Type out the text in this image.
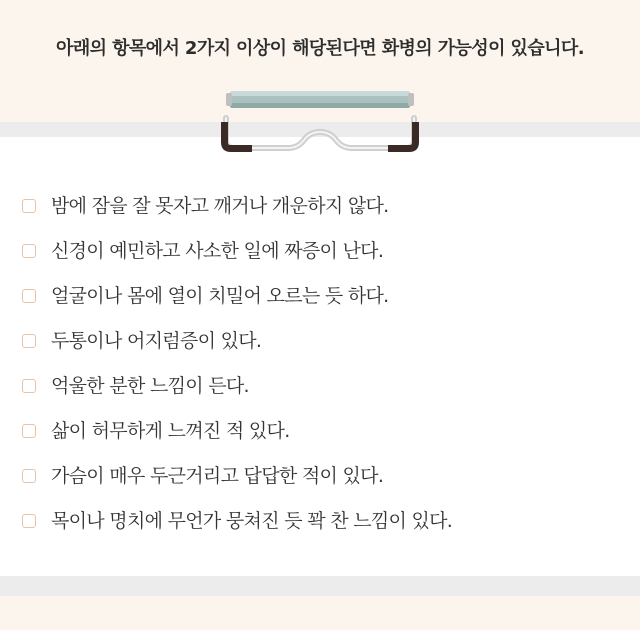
아래의 항목에서 2가지 이상이 해당된다면 화병의 가능성이 있습니다.
밤에 잠을 잘 못자고 깨거나 개운하지 않다.
신경이 예민하고 사소한 일에 짜증이 난다.
얼굴이나 몸에 열이 치밀어 오르는 듯 하다.
두통이나 어지럼증이 있다.
억울한 분한 느낌이 든다.
삶이 허무하게 느껴진 적 있다.
가슴이 매우 두근거리고 답답한 적이 있다.
목이나 명치에 무언가 뭉쳐진 듯 꽉 찬 느낌이 있다.
